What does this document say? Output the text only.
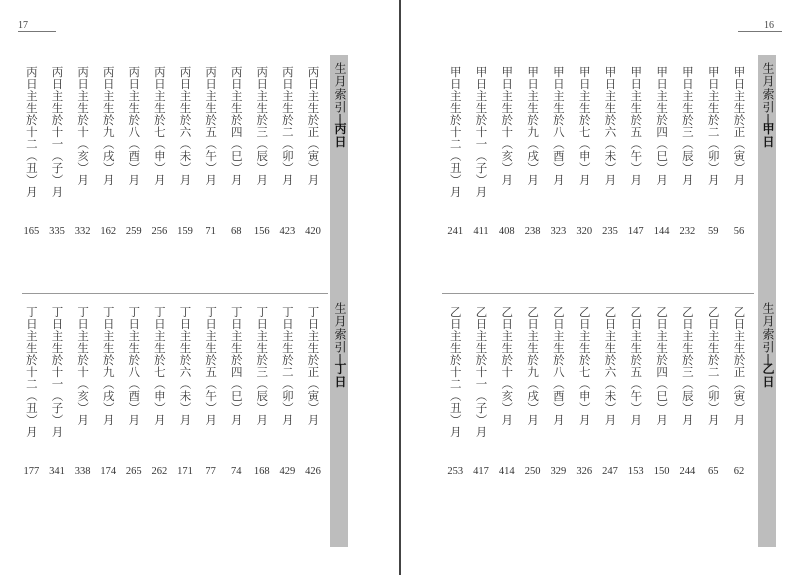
17
生月索引──丙日
生月索引──丁日
丙日主生於正（寅）月
420
丙日主生於二（卯）月
423
丙日主生於三（辰）月
156
丙日主生於四（巳）月
68
丙日主生於五（午）月
71
丙日主生於六（未）月
159
丙日主生於七（申）月
256
丙日主生於八（酉）月
259
丙日主生於九（戌）月
162
丙日主生於十（亥）月
332
丙日主生於十一（子）月
335
丙日主生於十二（丑）月
165
丁日主生於正（寅）月
426
丁日主生於二（卯）月
429
丁日主生於三（辰）月
168
丁日主生於四（巳）月
74
丁日主生於五（午）月
77
丁日主生於六（未）月
171
丁日主生於七（申）月
262
丁日主生於八（酉）月
265
丁日主生於九（戌）月
174
丁日主生於十（亥）月
338
丁日主生於十一（子）月
341
丁日主生於十二（丑）月
177
16
生月索引──甲日
生月索引──乙日
甲日主生於正（寅）月
56
甲日主生於二（卯）月
59
甲日主生於三（辰）月
232
甲日主生於四（巳）月
144
甲日主生於五（午）月
147
甲日主生於六（未）月
235
甲日主生於七（申）月
320
甲日主生於八（酉）月
323
甲日主生於九（戌）月
238
甲日主生於十（亥）月
408
甲日主生於十一（子）月
411
甲日主生於十二（丑）月
241
乙日主生於正（寅）月
62
乙日主生於二（卯）月
65
乙日主生於三（辰）月
244
乙日主生於四（巳）月
150
乙日主生於五（午）月
153
乙日主生於六（未）月
247
乙日主生於七（申）月
326
乙日主生於八（酉）月
329
乙日主生於九（戌）月
250
乙日主生於十（亥）月
414
乙日主生於十一（子）月
417
乙日主生於十二（丑）月
253
